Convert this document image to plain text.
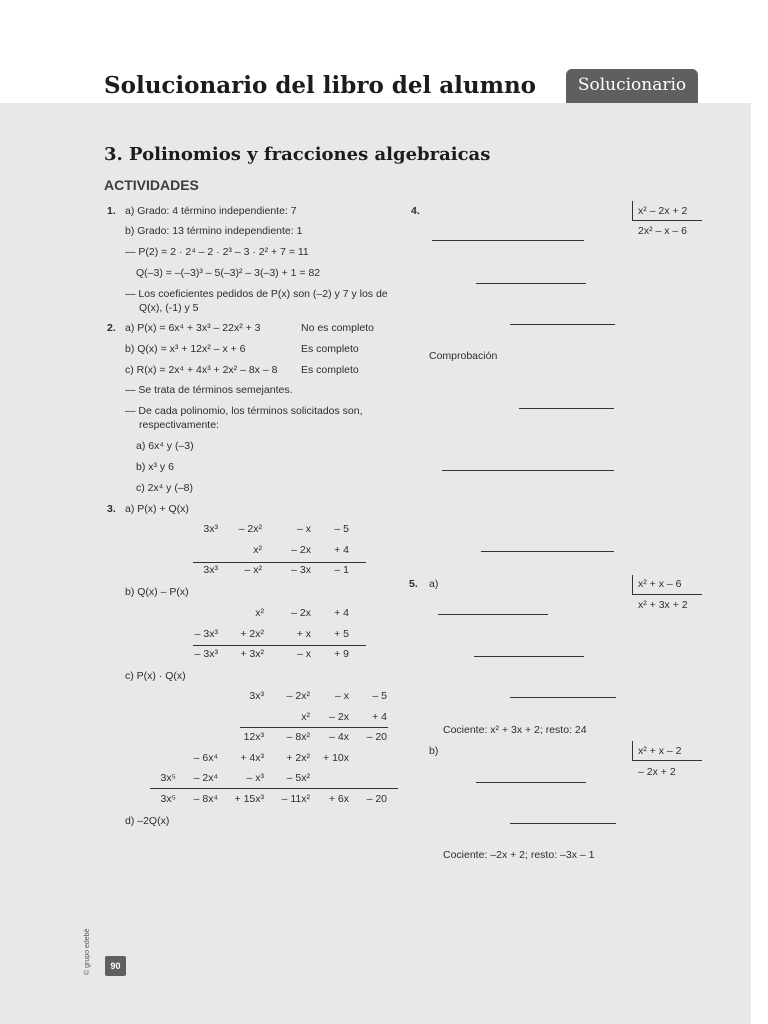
Solucionario del libro del alumno	Solucionario
3. Polinomios y fracciones algebraicas
ACTIVIDADES
1. a) Grado: 4 término independiente: 7
b) Grado: 13 término independiente: 1
— P(2) = 2 · 2⁴ – 2 · 2³ – 3 · 2² + 7 = 11
Q(–3) = –(–3)³ – 5(–3)² – 3(–3) + 1 = 82
— Los coeficientes pedidos de P(x) son (–2) y 7 y los de
Q(x), (-1) y 5
2. a) P(x) = 6x⁴ + 3x³ – 22x² + 3	No es completo
b) Q(x) = x³ + 12x² – x + 6	Es completo
c) R(x) = 2x⁴ + 4x³ + 2x² – 8x – 8 Es completo
— Se trata de términos semejantes.
— De cada polinomio, los términos solicitados son,
respectivamente:
a) 6x⁴ y (–3)
b) x³ y 6
c) 2x⁴ y (–8)
3. a) P(x) + Q(x)
3x³	– 2x²	– x	– 5
x²	– 2x	+ 4
3x³	– x²	– 3x	– 1
b) Q(x) – P(x)
x²	– 2x	+ 4
– 3x³	+ 2x²	+ x	+ 5
– 3x³	+ 3x²	– x	+ 9
c) P(x) · Q(x)
3x³	– 2x²	– x	– 5
x²	– 2x	+ 4
12x³	– 8x²	– 4x	– 20
– 6x⁴	+ 4x³	+ 2x²	+ 10x
3x⁵	– 2x⁴	– x³	– 5x²
3x⁵	– 8x⁴	+ 15x³	– 11x²	+ 6x	– 20
d) –2Q(x)
4.	x² – 2x + 2
2x² – x – 6
Comprobación
5. a)	x² + x – 6
x² + 3x + 2
Cociente: x² + 3x + 2; resto: 24
b)	x² + x – 2
– 2x + 2
Cociente: –2x + 2; resto: –3x – 1
© grupo edebé	90
